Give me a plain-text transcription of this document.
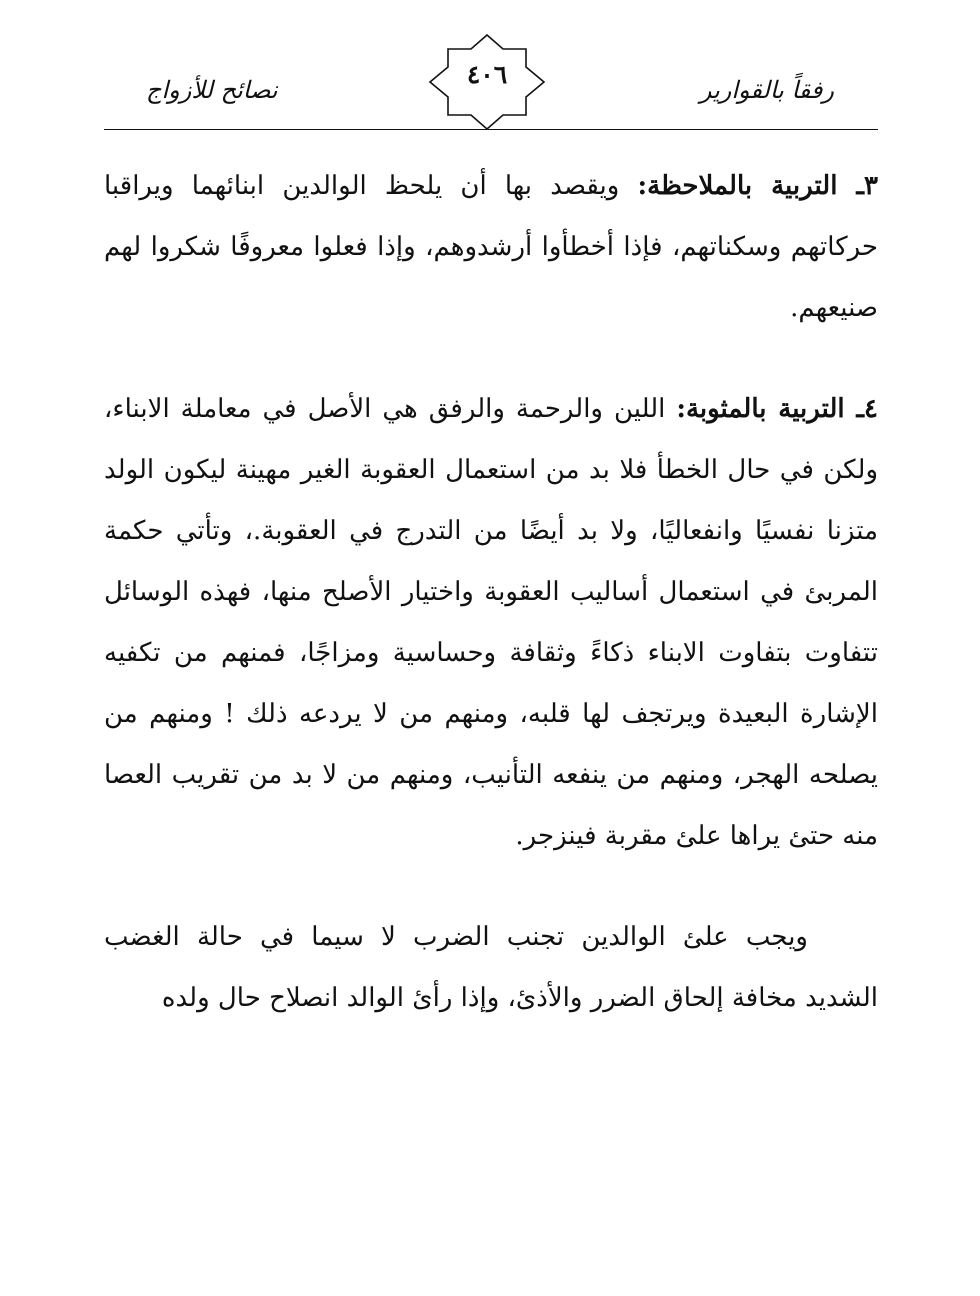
رفقاً بالقوارير
٤٠٦
نصائح للأزواج

٣ـ التربية بالملاحظة: ويقصد بها أن يلحظ الوالدين ابنائهما ويراقبا حركاتهم وسكناتهم، فإذا أخطأوا أرشدوهم، وإذا فعلوا معروفًا شكروا لهم صنيعهم.

٤ـ التربية بالمثوبة: اللين والرحمة والرفق هي الأصل في معاملة الابناء، ولكن في حال الخطأ فلا بد من استعمال العقوبة الغير مهينة ليكون الولد متزنا نفسيًا وانفعاليًا، ولا بد أيضًا من التدرج في العقوبة.، وتأتي حكمة المربئ في استعمال أساليب العقوبة واختيار الأصلح منها، فهذه الوسائل تتفاوت بتفاوت الابناء ذكاءً وثقافة وحساسية ومزاجًا، فمنهم من تكفيه الإشارة البعيدة ويرتجف لها قلبه، ومنهم من لا يردعه ذلك ! ومنهم من يصلحه الهجر، ومنهم من ينفعه التأنيب، ومنهم من لا بد من تقريب العصا منه حتئ يراها علئ مقربة فينزجر.

ويجب علئ الوالدين تجنب الضرب لا سيما في حالة الغضب الشديد مخافة إلحاق الضرر والأذئ، وإذا رأئ الوالد انصلاح حال ولده
